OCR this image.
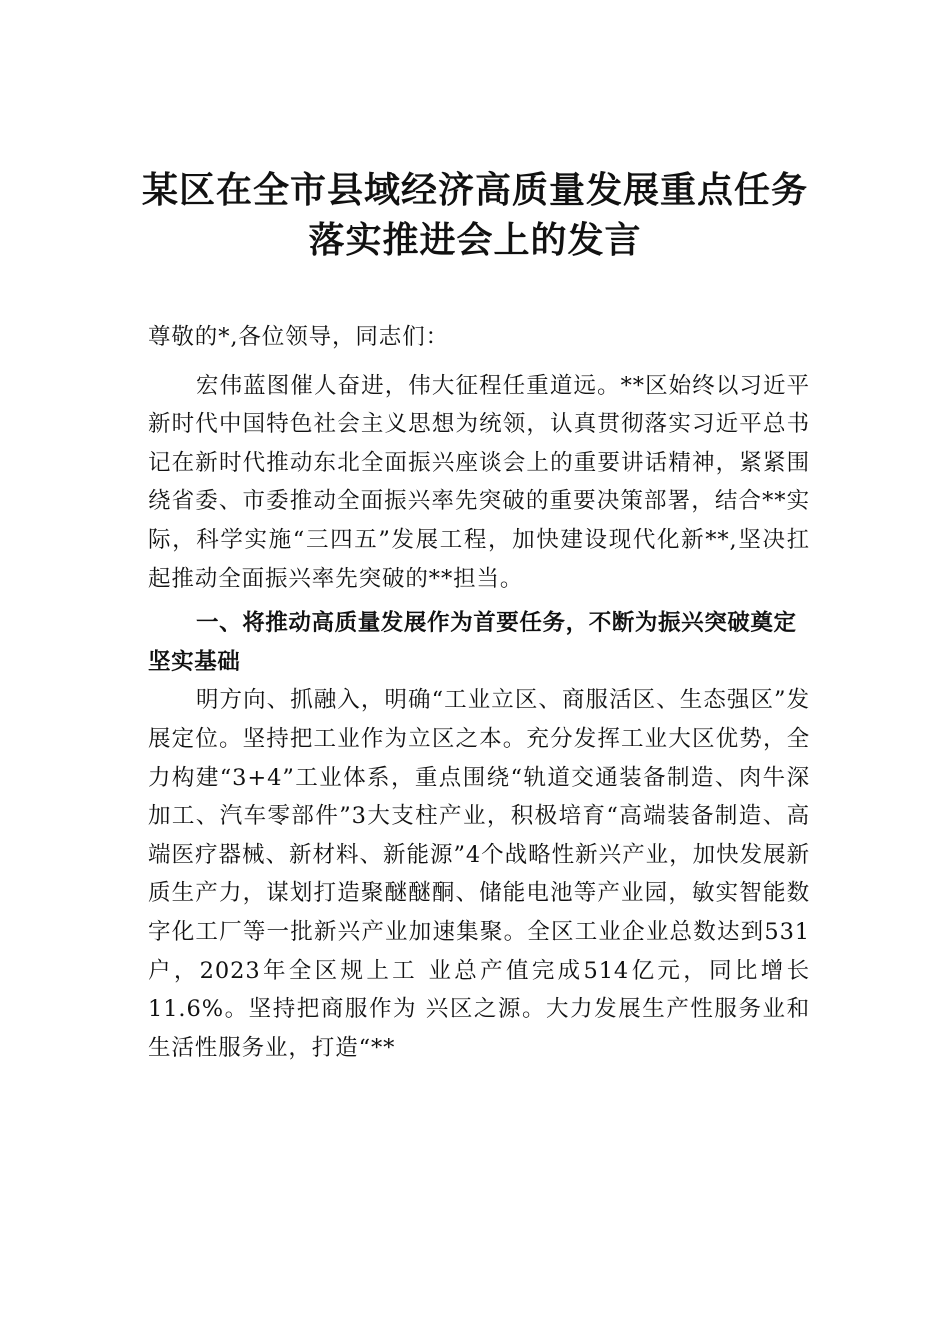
某区在全市县域经济高质量发展重点任务
落实推进会上的发言

尊敬的*,各位领导，同志们：

宏伟蓝图催人奋进，伟大征程任重道远。**区始终以习近平新时代中国特色社会主义思想为统领，认真贯彻落实习近平总书记在新时代推动东北全面振兴座谈会上的重要讲话精神，紧紧围绕省委、市委推动全面振兴率先突破的重要决策部署，结合**实际，科学实施“三四五”发展工程，加快建设现代化新**,坚决扛起推动全面振兴率先突破的**担当。

一、将推动高质量发展作为首要任务，不断为振兴突破奠定坚实基础

明方向、抓融入，明确“工业立区、商服活区、生态强区”发展定位。坚持把工业作为立区之本。充分发挥工业大区优势，全力构建“3+4”工业体系，重点围绕“轨道交通装备制造、肉牛深加工、汽车零部件”3大支柱产业，积极培育“高端装备制造、高端医疗器械、新材料、新能源”4个战略性新兴产业，加快发展新质生产力，谋划打造聚醚醚酮、储能电池等产业园，敏实智能数字化工厂等一批新兴产业加速集聚。全区工业企业总数达到531户，2023年全区规上工 业总产值完成514亿元，同比增长11.6%。坚持把商服作为 兴区之源。大力发展生产性服务业和生活性服务业，打造“**
